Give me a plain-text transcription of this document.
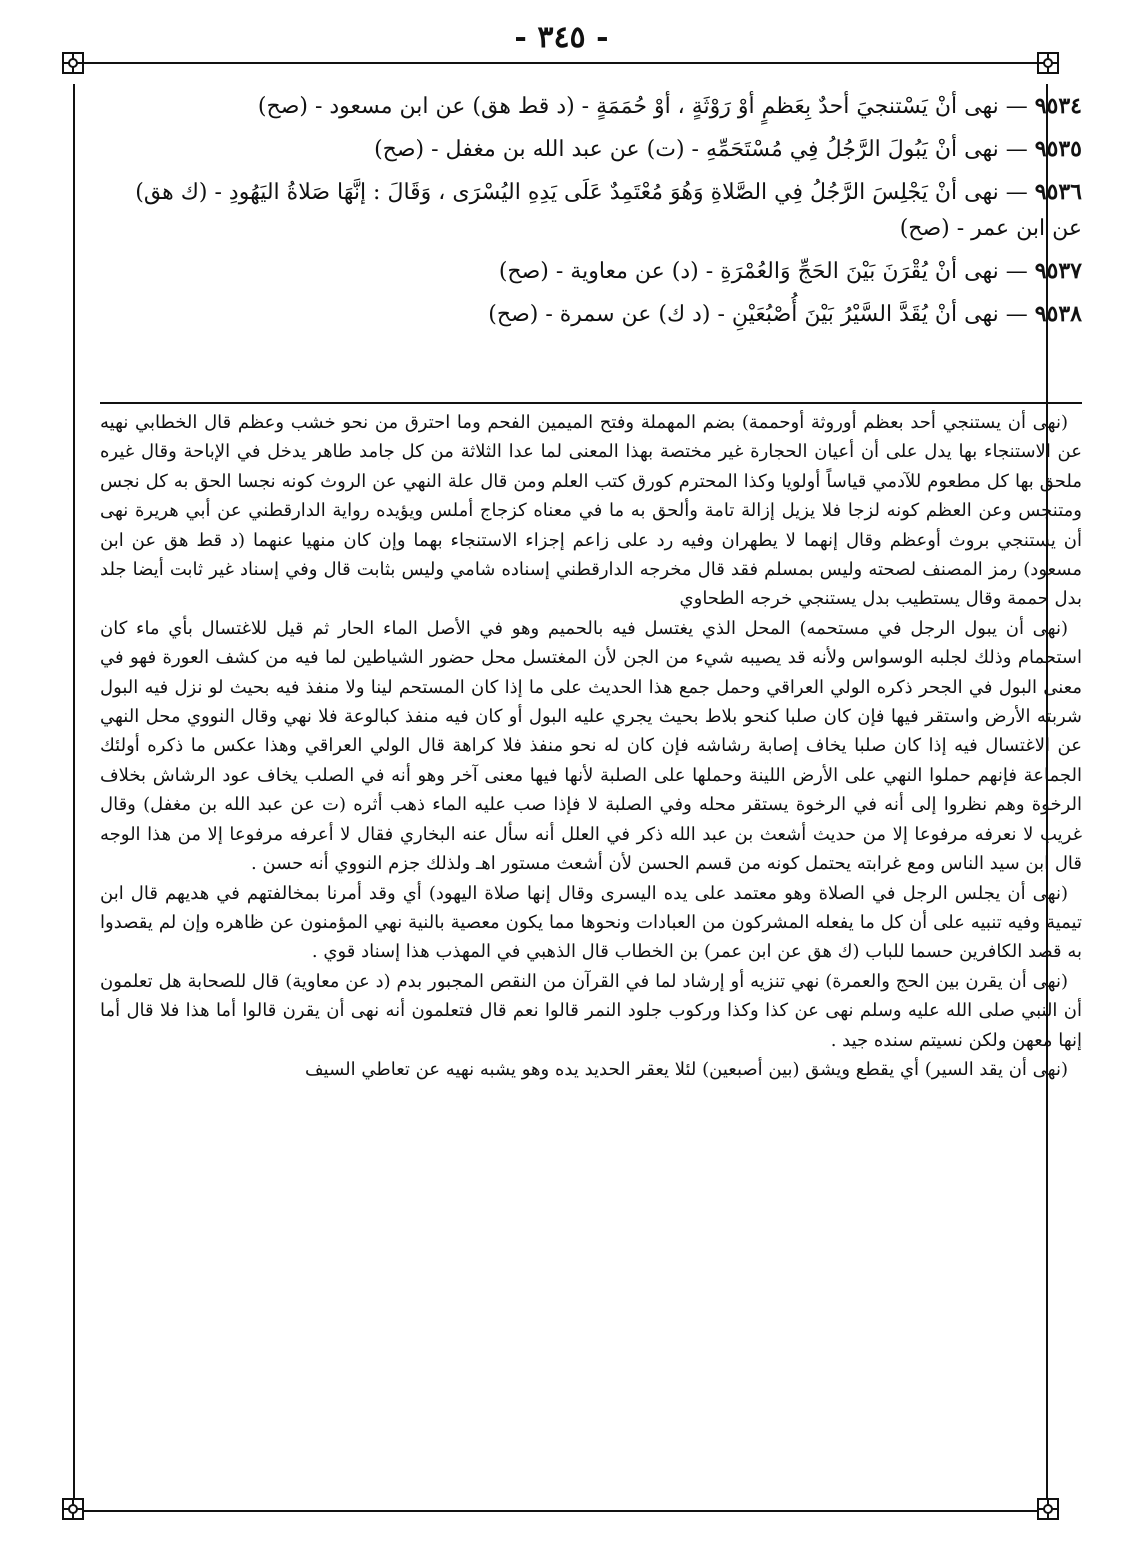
- ٣٤٥ -

٩٥٣٤ — نهى أنْ يَسْتنجيَ أحدٌ بِعَظمٍ أوْ رَوْثَةٍ ، أوْ حُمَمَةٍ - (د قط هق) عن ابن مسعود - (صح)

٩٥٣٥ — نهى أنْ يَبُولَ الرَّجُلُ فِي مُسْتَحَمِّهِ - (ت) عن عبد الله بن مغفل - (صح)

٩٥٣٦ — نهى أنْ يَجْلِسَ الرَّجُلُ فِي الصَّلاةِ وَهُوَ مُعْتَمِدٌ عَلَى يَدِهِ اليُسْرَى ، وَقَالَ : إنَّهَا صَلاةُ اليَهُودِ - (ك هق) عن ابن عمر - (صح)

٩٥٣٧ — نهى أنْ يُقْرَنَ بَيْنَ الحَجِّ وَالعُمْرَةِ - (د) عن معاوية - (صح)

٩٥٣٨ — نهى أنْ يُقَدَّ السَّيْرُ بَيْنَ أُصْبُعَيْنِ - (د ك) عن سمرة - (صح)

(نهى أن يستنجي أحد بعظم أوروثة أوحممة) بضم المهملة وفتح الميمين الفحم وما احترق من نحو خشب وعظم قال الخطابي نهيه عن الاستنجاء بها يدل على أن أعيان الحجارة غير مختصة بهذا المعنى لما عدا الثلاثة من كل جامد طاهر يدخل في الإباحة وقال غيره ملحق بها كل مطعوم للآدمي قياساً أولويا وكذا المحترم كورق كتب العلم ومن قال علة النهي عن الروث كونه نجسا الحق به كل نجس ومتنجس وعن العظم كونه لزجا فلا يزيل إزالة تامة وألحق به ما في معناه كزجاج أملس ويؤيده رواية الدارقطني عن أبي هريرة نهى أن يستنجي بروث أوعظم وقال إنهما لا يطهران وفيه رد على زاعم إجزاء الاستنجاء بهما وإن كان منهيا عنهما (د قط هق عن ابن مسعود) رمز المصنف لصحته وليس بمسلم فقد قال مخرجه الدارقطني إسناده شامي وليس بثابت قال وفي إسناد غير ثابت أيضا جلد بدل حممة وقال يستطيب بدل يستنجي خرجه الطحاوي

(نهى أن يبول الرجل في مستحمه) المحل الذي يغتسل فيه بالحميم وهو في الأصل الماء الحار ثم قيل للاغتسال بأي ماء كان استحمام وذلك لجلبه الوسواس ولأنه قد يصيبه شيء من الجن لأن المغتسل محل حضور الشياطين لما فيه من كشف العورة فهو في معنى البول في الجحر ذكره الولي العراقي وحمل جمع هذا الحديث على ما إذا كان المستحم لينا ولا منفذ فيه بحيث لو نزل فيه البول شربته الأرض واستقر فيها فإن كان صلبا كنحو بلاط بحيث يجري عليه البول أو كان فيه منفذ كبالوعة فلا نهي وقال النووي محل النهي عن الاغتسال فيه إذا كان صلبا يخاف إصابة رشاشه فإن كان له نحو منفذ فلا كراهة قال الولي العراقي وهذا عكس ما ذكره أولئك الجماعة فإنهم حملوا النهي على الأرض اللينة وحملها على الصلبة لأنها فيها معنى آخر وهو أنه في الصلب يخاف عود الرشاش بخلاف الرخوة وهم نظروا إلى أنه في الرخوة يستقر محله وفي الصلبة لا فإذا صب عليه الماء ذهب أثره (ت عن عبد الله بن مغفل) وقال غريب لا نعرفه مرفوعا إلا من حديث أشعث بن عبد الله ذكر في العلل أنه سأل عنه البخاري فقال لا أعرفه مرفوعا إلا من هذا الوجه قال ابن سيد الناس ومع غرابته يحتمل كونه من قسم الحسن لأن أشعث مستور اهـ ولذلك جزم النووي أنه حسن .

(نهى أن يجلس الرجل في الصلاة وهو معتمد على يده اليسرى وقال إنها صلاة اليهود) أي وقد أمرنا بمخالفتهم في هديهم قال ابن تيمية وفيه تنبيه على أن كل ما يفعله المشركون من العبادات ونحوها مما يكون معصية بالنية نهي المؤمنون عن ظاهره وإن لم يقصدوا به قصد الكافرين حسما للباب (ك هق عن ابن عمر) بن الخطاب قال الذهبي في المهذب هذا إسناد قوي .

(نهى أن يقرن بين الحج والعمرة) نهي تنزيه أو إرشاد لما في القرآن من النقص المجبور بدم (د عن معاوية) قال للصحابة هل تعلمون أن النبي صلى الله عليه وسلم نهى عن كذا وكذا وركوب جلود النمر قالوا نعم قال فتعلمون أنه نهى أن يقرن قالوا أما هذا فلا قال أما إنها معهن ولكن نسيتم سنده جيد .

(نهى أن يقد السير) أي يقطع ويشق (بين أصبعين) لئلا يعقر الحديد يده وهو يشبه نهيه عن تعاطي السيف
